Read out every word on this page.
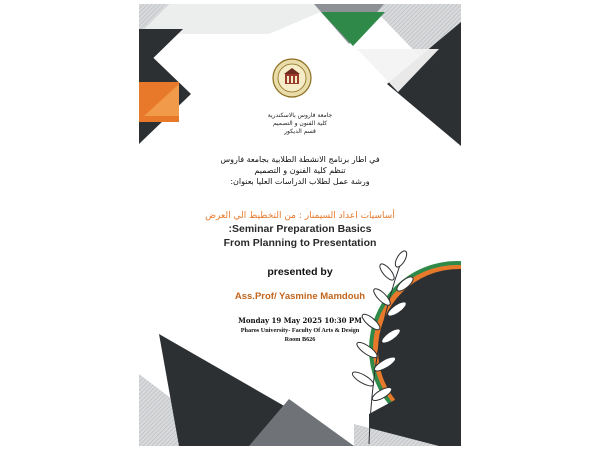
جامعة فاروس بالاسكندرية
كلية الفنون و التصميم
قسم الديكور
في اطار برنامج الانشطة الطلابية بجامعة فاروس
تنظم كلية الفنون و التصميم
ورشة عمل لطلاب الدراسات العليا بعنوان:
أساسيات اعداد السيمنار : من التخطيط الي العرض
:Seminar Preparation Basics
From Planning to Presentation
presented by
Ass.Prof/ Yasmine Mamdouh
Monday 19 May 2025 10:30 PM
Pharos University- Faculty Of Arts & Design
Room B626
